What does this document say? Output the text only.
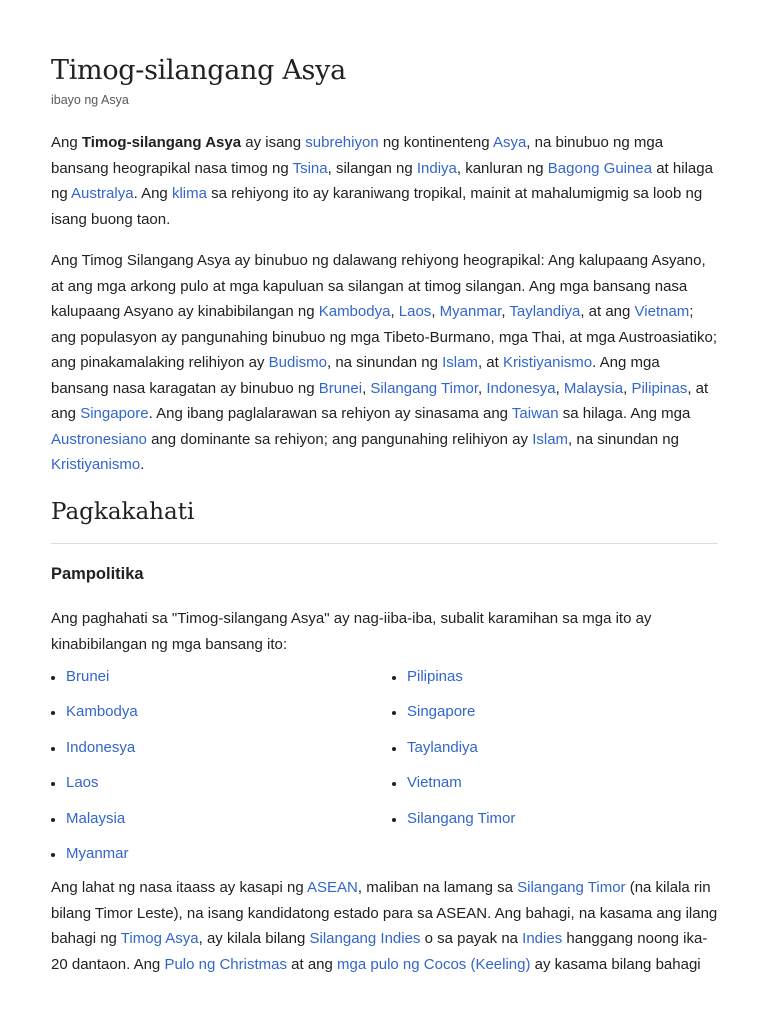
Timog-silangang Asya
ibayo ng Asya

Ang Timog-silangang Asya ay isang subrehiyon ng kontinenteng Asya, na binubuo ng mga bansang heograpikal nasa timog ng Tsina, silangan ng Indiya, kanluran ng Bagong Guinea at hilaga ng Australya. Ang klima sa rehiyong ito ay karaniwang tropikal, mainit at mahalumigmig sa loob ng isang buong taon.

Ang Timog Silangang Asya ay binubuo ng dalawang rehiyong heograpikal: Ang kalupaang Asyano, at ang mga arkong pulo at mga kapuluan sa silangan at timog silangan. Ang mga bansang nasa kalupaang Asyano ay kinabibilangan ng Kambodya, Laos, Myanmar, Taylandiya, at ang Vietnam; ang populasyon ay pangunahing binubuo ng mga Tibeto-Burmano, mga Thai, at mga Austroasiatiko; ang pinakamalaking relihiyon ay Budismo, na sinundan ng Islam, at Kristiyanismo. Ang mga bansang nasa karagatan ay binubuo ng Brunei, Silangang Timor, Indonesya, Malaysia, Pilipinas, at ang Singapore. Ang ibang paglalarawan sa rehiyon ay sinasama ang Taiwan sa hilaga. Ang mga Austronesiano ang dominante sa rehiyon; ang pangunahing relihiyon ay Islam, na sinundan ng Kristiyanismo.

Pagkakahati
Pampolitika

Ang paghahati sa "Timog-silangang Asya" ay nag-iiba-iba, subalit karamihan sa mga ito ay kinabibilangan ng mga bansang ito:

Brunei
Kambodya
Indonesya
Laos
Malaysia
Myanmar
Pilipinas
Singapore
Taylandiya
Vietnam
Silangang Timor

Ang lahat ng nasa itaass ay kasapi ng ASEAN, maliban na lamang sa Silangang Timor (na kilala rin bilang Timor Leste), na isang kandidatong estado para sa ASEAN. Ang bahagi, na kasama ang ilang bahagi ng Timog Asya, ay kilala bilang Silangang Indies o sa payak na Indies hanggang noong ika-20 dantaon. Ang Pulo ng Christmas at ang mga pulo ng Cocos (Keeling) ay kasama bilang bahagi
